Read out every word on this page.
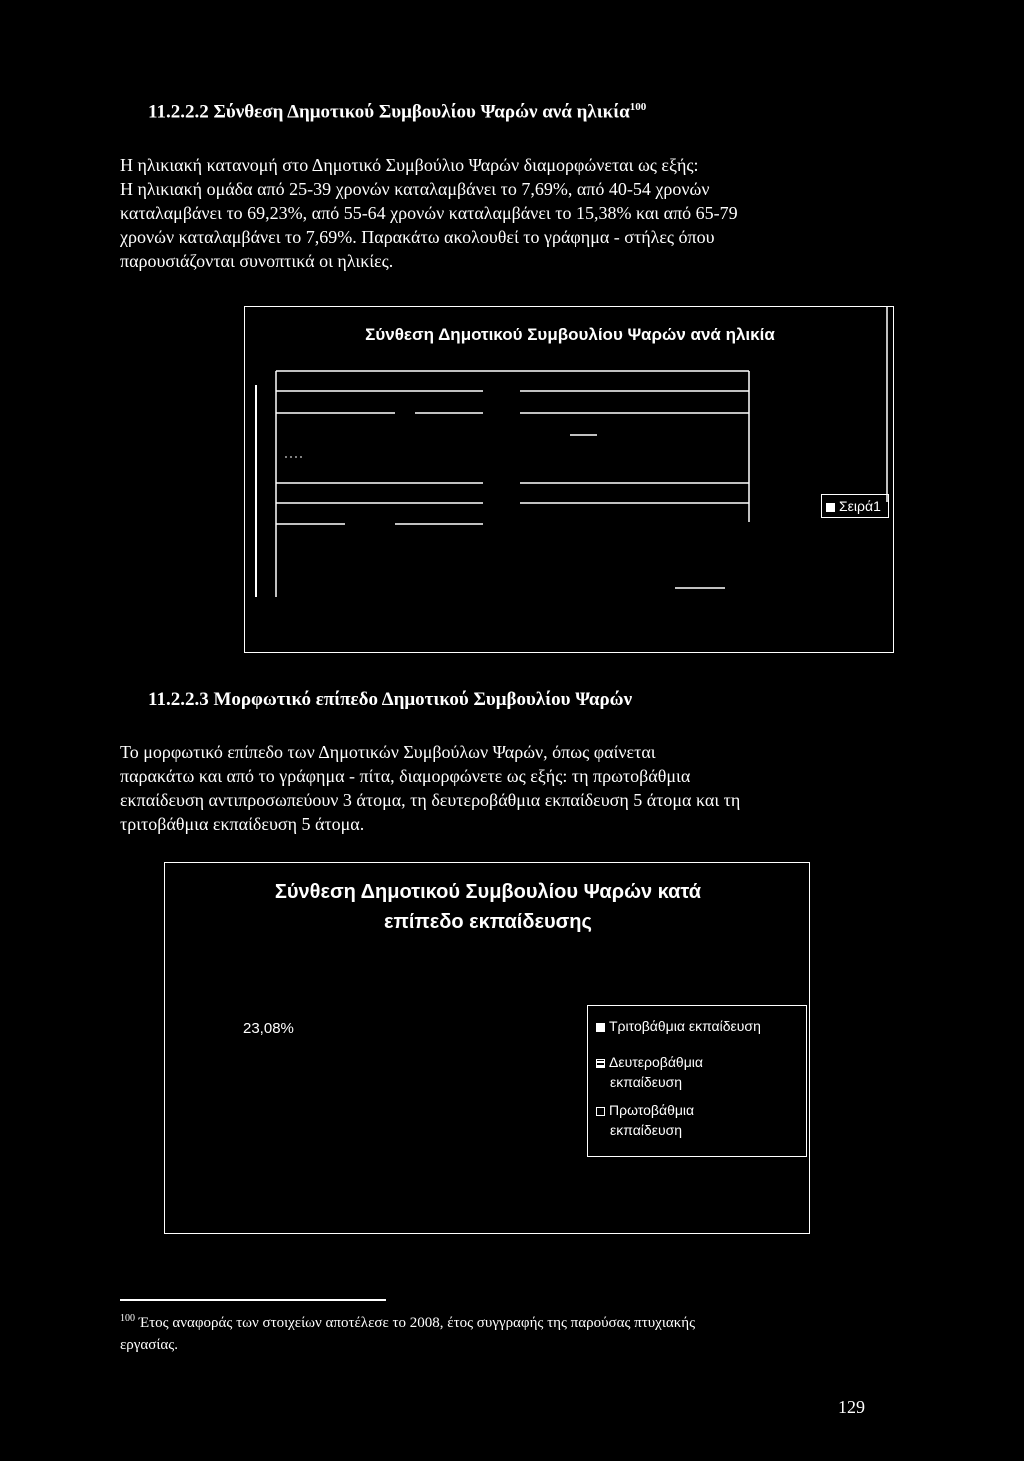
11.2.2.2 Σύνθεση Δημοτικού Συμβουλίου Ψαρών ανά ηλικία$^{100}$
Η ηλικιακή κατανομή στο Δημοτικό Συμβούλιο Ψαρών διαμορφώνεται ως εξής:
Η ηλικιακή ομάδα από 25-39 χρονών καταλαμβάνει το 7,69%, από 40-54 χρονών
καταλαμβάνει το 69,23%, από 55-64 χρονών καταλαμβάνει το 15,38% και από 65-79
χρονών καταλαμβάνει το 7,69%. Παρακάτω ακολουθεί το γράφημα - στήλες όπου
παρουσιάζονται συνοπτικά οι ηλικίες.
Σύνθεση Δημοτικού Συμβουλίου Ψαρών ανά ηλικία
Σειρά1
11.2.2.3 Μορφωτικό επίπεδο Δημοτικού Συμβουλίου Ψαρών
Το μορφωτικό επίπεδο των Δημοτικών Συμβούλων Ψαρών, όπως φαίνεται
παρακάτω και από το γράφημα - πίτα, διαμορφώνετε ως εξής: τη πρωτοβάθμια
εκπαίδευση αντιπροσωπεύουν 3 άτομα, τη δευτεροβάθμια εκπαίδευση 5 άτομα και τη
τριτοβάθμια εκπαίδευση 5 άτομα.
Σύνθεση Δημοτικού Συμβουλίου Ψαρών κατά
επίπεδο εκπαίδευσης
23,08%	Τριτοβάθμια εκπαίδευση
Δευτεροβάθμια
εκπαίδευση
Πρωτοβάθμια
εκπαίδευση
$^{100}$ Έτος αναφοράς των στοιχείων αποτέλεσε το 2008, έτος συγγραφής της παρούσας πτυχιακής
εργασίας.
129
